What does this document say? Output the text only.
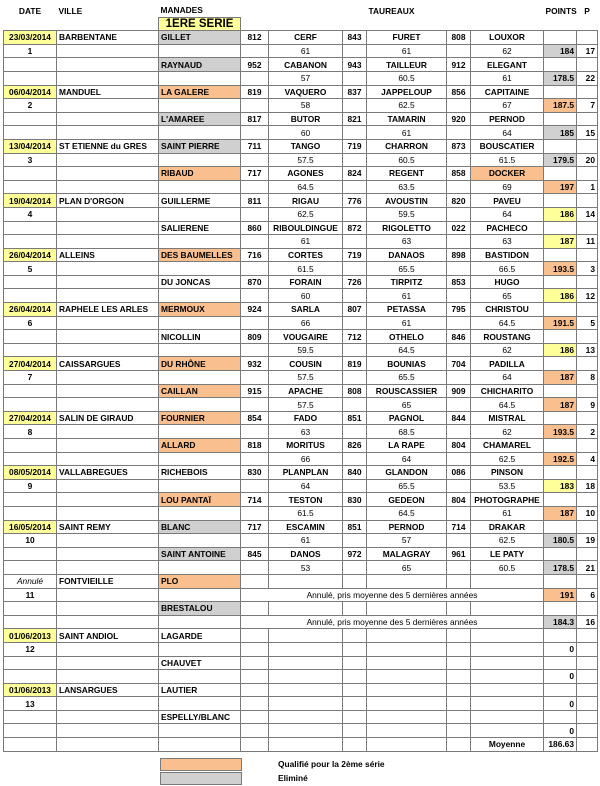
DATE	VILLE	MANADES				TAUREAUX			POINTS	P
		1ERE SERIE								
23/03/2014	BARBENTANE	GILLET	812	CERF	843	FURET	808	LOUXOR		
1				61		61		62	184	17
		RAYNAUD	952	CABANON	943	TAILLEUR	912	ELEGANT		
				57		60.5		61	178.5	22
06/04/2014	MANDUEL	LA GALERE	819	VAQUERO	837	JAPPELOUP	856	CAPITAINE		
2				58		62.5		67	187.5	7
		L'AMAREE	817	BUTOR	821	TAMARIN	920	PERNOD		
				60		61		64	185	15
13/04/2014	ST ETIENNE du GRES	SAINT PIERRE	711	TANGO	719	CHARRON	873	BOUSCATIER		
3				57.5		60.5		61.5	179.5	20
		RIBAUD	717	AGONES	824	REGENT	858	DOCKER		
				64.5		63.5		69	197	1
19/04/2014	PLAN D'ORGON	GUILLERME	811	RIGAU	776	AVOUSTIN	820	PAVEU		
4				62.5		59.5		64	186	14
		SALIERENE	860	RIBOULDINGUE	872	RIGOLETTO	022	PACHECO		
				61		63		63	187	11
26/04/2014	ALLEINS	DES BAUMELLES	716	CORTES	719	DANAOS	898	BASTIDON		
5				61.5		65.5		66.5	193.5	3
		DU JONCAS	870	FORAIN	726	TIRPITZ	853	HUGO		
				60		61		65	186	12
26/04/2014	RAPHELE LES ARLES	MERMOUX	924	SARLA	807	PETASSA	795	CHRISTOU		
6				66		61		64.5	191.5	5
		NICOLLIN	809	VOUGAIRE	712	OTHELO	846	ROUSTANG		
				59.5		64.5		62	186	13
27/04/2014	CAISSARGUES	DU RHÔNE	932	COUSIN	819	BOUNIAS	704	PADILLA		
7				57.5		65.5		64	187	8
		CAILLAN	915	APACHE	808	ROUSCASSIER	909	CHICHARITO		
				57.5		65		64.5	187	9
27/04/2014	SALIN DE GIRAUD	FOURNIER	854	FADO	851	PAGNOL	844	MISTRAL		
8				63		68.5		62	193.5	2
		ALLARD	818	MORITUS	826	LA RAPE	804	CHAMAREL		
				66		64		62.5	192.5	4
08/05/2014	VALLABREGUES	RICHEBOIS	830	PLANPLAN	840	GLANDON	086	PINSON		
9				64		65.5		53.5	183	18
		LOU PANTAÏ	714	TESTON	830	GEDEON	804	PHOTOGRAPHE		
				61.5		64.5		61	187	10
16/05/2014	SAINT REMY	BLANC	717	ESCAMIN	851	PERNOD	714	DRAKAR		
10				61		57		62.5	180.5	19
		SAINT ANTOINE	845	DANOS	972	MALAGRAY	961	LE PATY		
				53		65		60.5	178.5	21
Annulé	FONTVIEILLE	PLO								
11			Annulé, pris moyenne des 5 dernières années						191	6
		BRESTALOU								
			Annulé, pris moyenne des 5 dernières années						184.3	16
01/06/2013	SAINT ANDIOL	LAGARDE								
12									0	
		CHAUVET								
									0	
01/06/2013	LANSARGUES	LAUTIER								
13									0	
		ESPELLY/BLANC								
									0	
								Moyenne	186.63	
Qualifié pour la 2ème série
Eliminé
